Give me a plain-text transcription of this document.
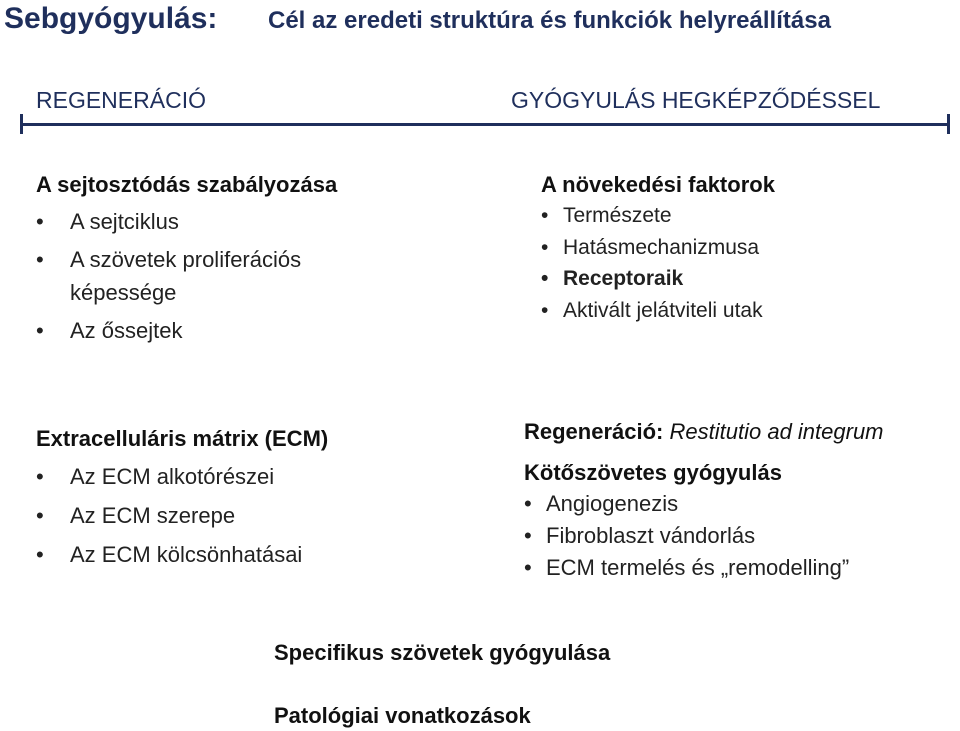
Sebgyógyulás: Cél az eredeti struktúra és funkciók helyreállítása
REGENERÁCIÓ	GYÓGYULÁS HEGKÉPZŐDÉSSEL
A sejtosztódás szabályozása
• A sejtciklus
• A szövetek proliferációs
képessége
• Az őssejtek
A növekedési faktorok
• Természete
• Hatásmechanizmusa
• Receptoraik
• Aktivált jelátviteli utak
Extracelluláris mátrix (ECM)
• Az ECM alkotórészei
• Az ECM szerepe
• Az ECM kölcsönhatásai
Regeneráció: Restitutio ad integrum
Kötőszövetes gyógyulás
• Angiogenezis
• Fibroblaszt vándorlás
• ECM termelés és „remodelling”
Specifikus szövetek gyógyulása
Patológiai vonatkozások
